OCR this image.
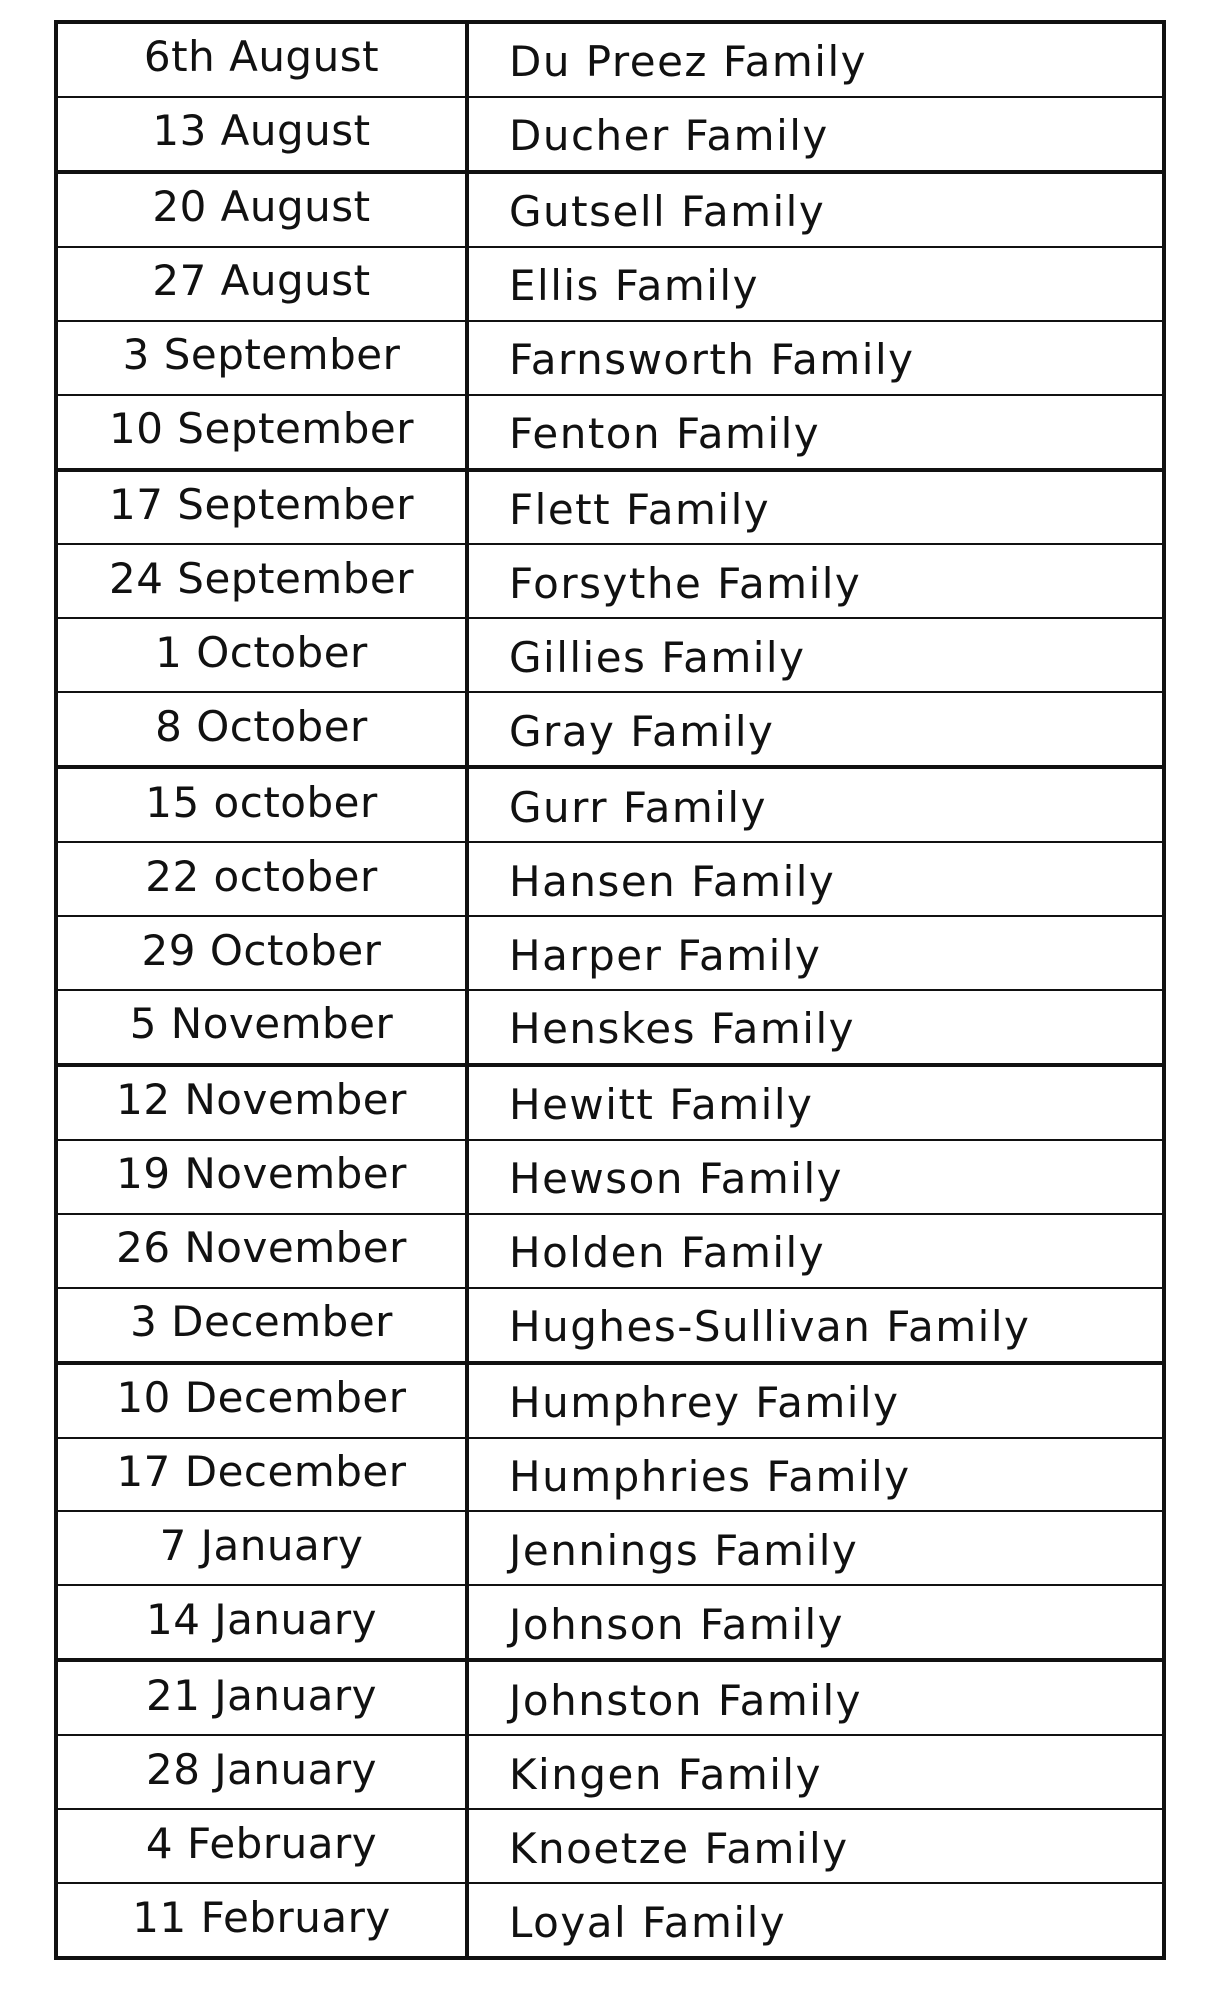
6th August	Du Preez Family
13 August	Ducher Family
20 August	Gutsell Family
27 August	Ellis Family
3 September	Farnsworth Family
10 September	Fenton Family
17 September	Flett Family
24 September	Forsythe Family
1 October	Gillies Family
8 October	Gray Family
15 october	Gurr Family
22 october	Hansen Family
29 October	Harper Family
5 November	Henskes Family
12 November	Hewitt Family
19 November	Hewson Family
26 November	Holden Family
3 December	Hughes-Sullivan Family
10 December	Humphrey Family
17 December	Humphries Family
7 January	Jennings Family
14 January	Johnson Family
21 January	Johnston Family
28 January	Kingen Family
4 February	Knoetze Family
11 February	Loyal Family
